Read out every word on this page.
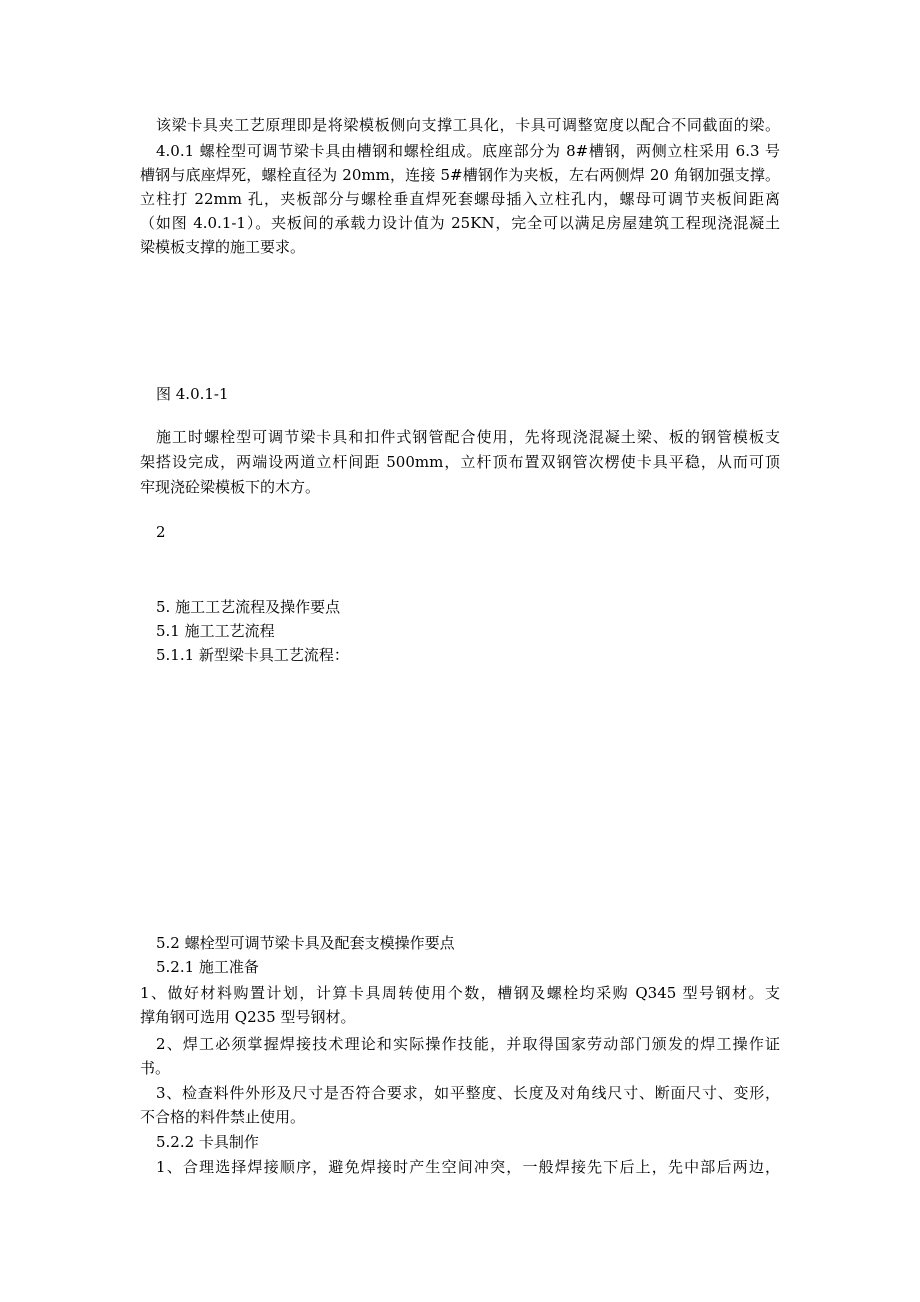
该梁卡具夹工艺原理即是将梁模板侧向支撑工具化，卡具可调整宽度以配合不同截面的梁。
4.0.1 螺栓型可调节梁卡具由槽钢和螺栓组成。底座部分为 8#槽钢，两侧立柱采用 6.3 号
槽钢与底座焊死，螺栓直径为 20mm，连接 5#槽钢作为夹板，左右两侧焊 20 角钢加强支撑。
立柱打 22mm 孔，夹板部分与螺栓垂直焊死套螺母插入立柱孔内，螺母可调节夹板间距离
（如图 4.0.1-1）。夹板间的承载力设计值为 25KN，完全可以满足房屋建筑工程现浇混凝土
梁模板支撑的施工要求。
图 4.0.1-1
施工时螺栓型可调节梁卡具和扣件式钢管配合使用，先将现浇混凝土梁、板的钢管模板支
架搭设完成，两端设两道立杆间距 500mm，立杆顶布置双钢管次楞使卡具平稳，从而可顶
牢现浇砼梁模板下的木方。
2
5. 施工工艺流程及操作要点
5.1 施工工艺流程
5.1.1 新型梁卡具工艺流程：
5.2 螺栓型可调节梁卡具及配套支模操作要点
5.2.1 施工准备
1、做好材料购置计划，计算卡具周转使用个数，槽钢及螺栓均采购 Q345 型号钢材。支
撑角钢可选用 Q235 型号钢材。
2、焊工必须掌握焊接技术理论和实际操作技能，并取得国家劳动部门颁发的焊工操作证
书。
3、检查料件外形及尺寸是否符合要求，如平整度、长度及对角线尺寸、断面尺寸、变形，
不合格的料件禁止使用。
5.2.2 卡具制作
1、合理选择焊接顺序，避免焊接时产生空间冲突，一般焊接先下后上，先中部后两边，
